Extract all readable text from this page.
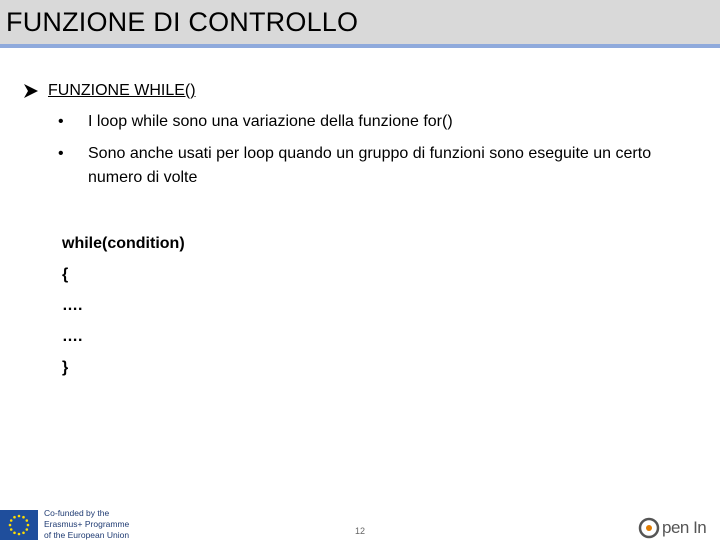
FUNZIONE DI CONTROLLO
FUNZIONE WHILE()
• I loop while sono una variazione della funzione for()
• Sono anche usati per loop quando un gruppo di funzioni sono eseguite un certo numero di volte
while(condition)
{
….
….
}
Co-funded by the
Erasmus+ Programme
of the European Union	12	pen In
